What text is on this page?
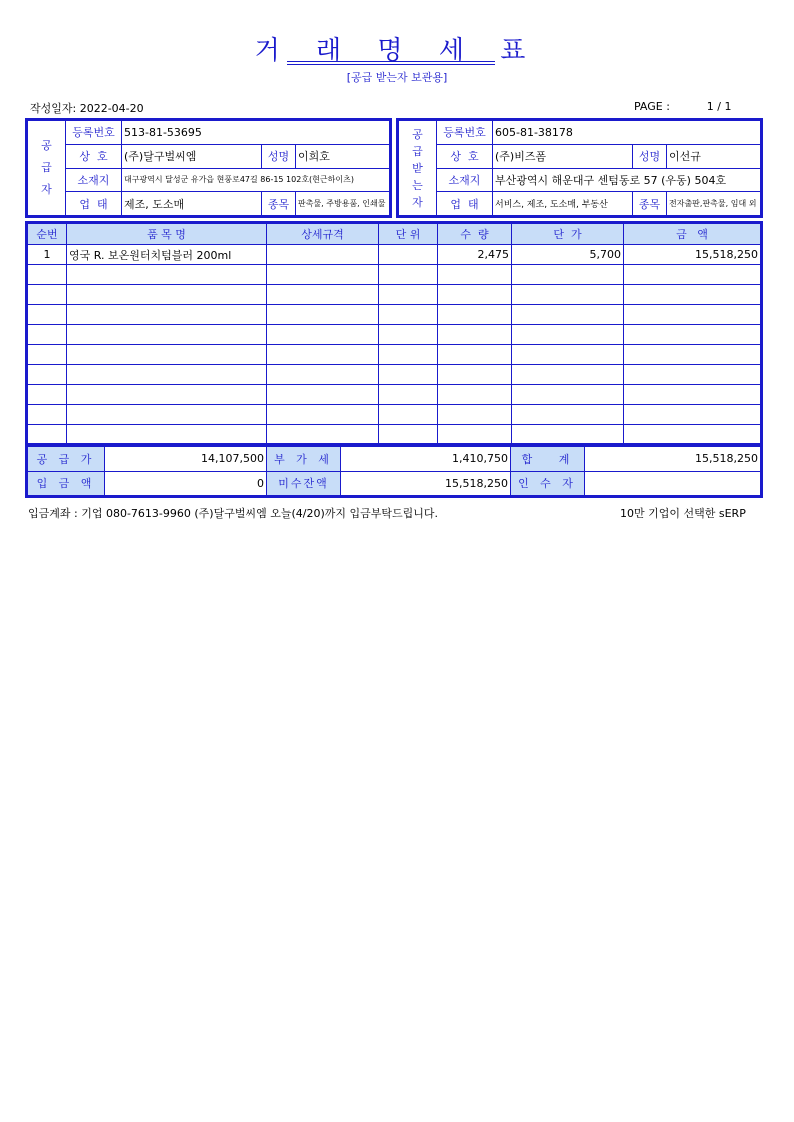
거 래 명 세 표
[공급 받는자 보관용]
작성일자: 2022-04-20	PAGE :	1 / 1
공급자	등록번호	513-81-53695		
	상  호	(주)달구벌씨엠	성명	이희호
	소재지	대구광역시 달성군 유가읍 현풍로47길 86-15 102호(현근하이츠)		
	업  태	제조, 도소매	종목	판촉물, 주방용품, 인쇄물
공급받는자	등록번호	605-81-38178		
	상  호	(주)비즈폼	성명	이선규
	소재지	부산광역시 해운대구 센텀동로 57 (우동) 504호		
	업  태	서비스, 제조, 도소매, 부동산	종목	전자출판,판촉물, 임대 외
순번	품 목 명	상세규격	단 위	수  량	단  가	금   액
1	영국 R. 보온원터치텀블러 200ml			2,475	5,700	15,518,250

공 급 가	14,107,500	부 가 세	1,410,750	합   계	15,518,250
입 금 액	0	미수잔액	15,518,250	인 수 자	
입금계좌 : 기업 080-7613-9960 (주)달구벌씨엠 오늘(4/20)까지 입금부탁드립니다.	10만 기업이 선택한 sERP
